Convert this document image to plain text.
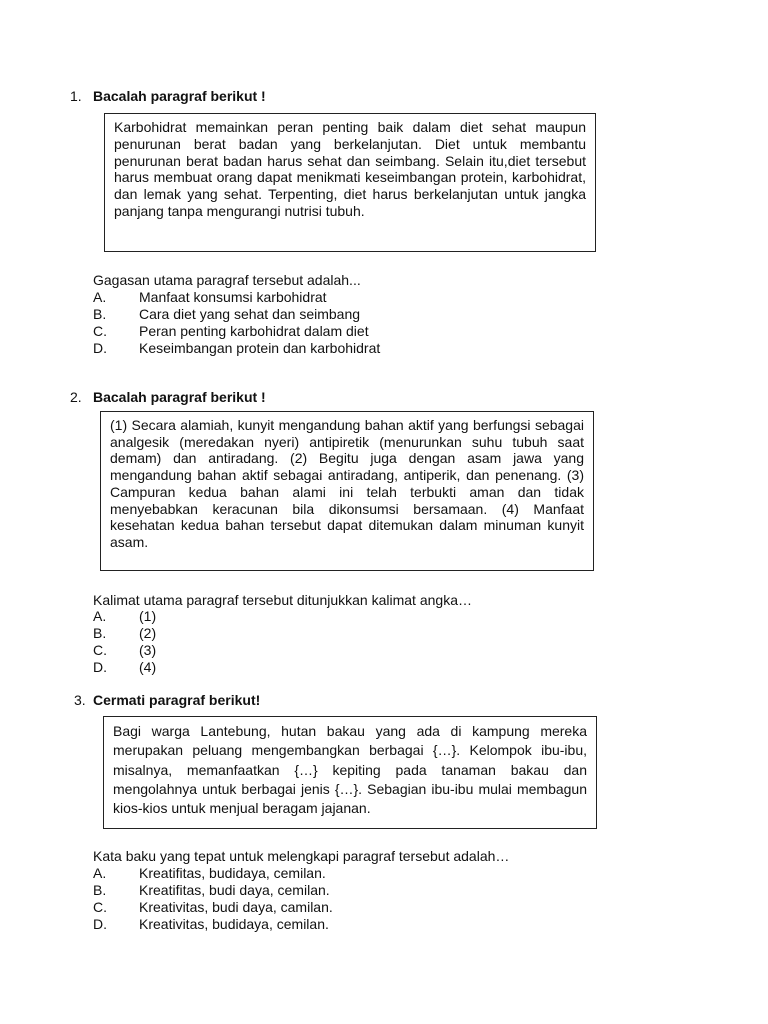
1. Bacalah paragraf berikut !

Karbohidrat memainkan peran penting baik dalam diet sehat maupun penurunan berat badan yang berkelanjutan. Diet untuk membantu penurunan berat badan harus sehat dan seimbang. Selain itu,diet tersebut harus membuat orang dapat menikmati keseimbangan protein, karbohidrat, dan lemak yang sehat. Terpenting, diet harus berkelanjutan untuk jangka panjang tanpa mengurangi nutrisi tubuh.

Gagasan utama paragraf tersebut adalah...
A.	Manfaat konsumsi karbohidrat
B.	Cara diet yang sehat dan seimbang
C.	Peran penting karbohidrat dalam diet
D.	Keseimbangan protein dan karbohidrat
2. Bacalah paragraf berikut !

(1) Secara alamiah, kunyit mengandung bahan aktif yang berfungsi sebagai analgesik (meredakan nyeri) antipiretik (menurunkan suhu tubuh saat demam) dan antiradang. (2) Begitu juga dengan asam jawa yang mengandung bahan aktif sebagai antiradang, antiperik, dan penenang. (3) Campuran kedua bahan alami ini telah terbukti aman dan tidak menyebabkan keracunan bila dikonsumsi bersamaan. (4) Manfaat kesehatan kedua bahan tersebut dapat ditemukan dalam minuman kunyit asam.

Kalimat utama paragraf tersebut ditunjukkan kalimat angka…
A.	(1)
B.	(2)
C.	(3)
D.	(4)
3. Cermati paragraf berikut!

Bagi warga Lantebung, hutan bakau yang ada di kampung mereka merupakan peluang mengembangkan berbagai {…}. Kelompok ibu-ibu, misalnya, memanfaatkan {…} kepiting pada tanaman bakau dan mengolahnya untuk berbagai jenis {…}. Sebagian ibu-ibu mulai membagun kios-kios untuk menjual beragam jajanan.

Kata baku yang tepat untuk melengkapi paragraf tersebut adalah…
A.	Kreatifitas, budidaya, cemilan.
B.	Kreatifitas, budi daya, cemilan.
C.	Kreativitas, budi daya, camilan.
D.	Kreativitas, budidaya, cemilan.
